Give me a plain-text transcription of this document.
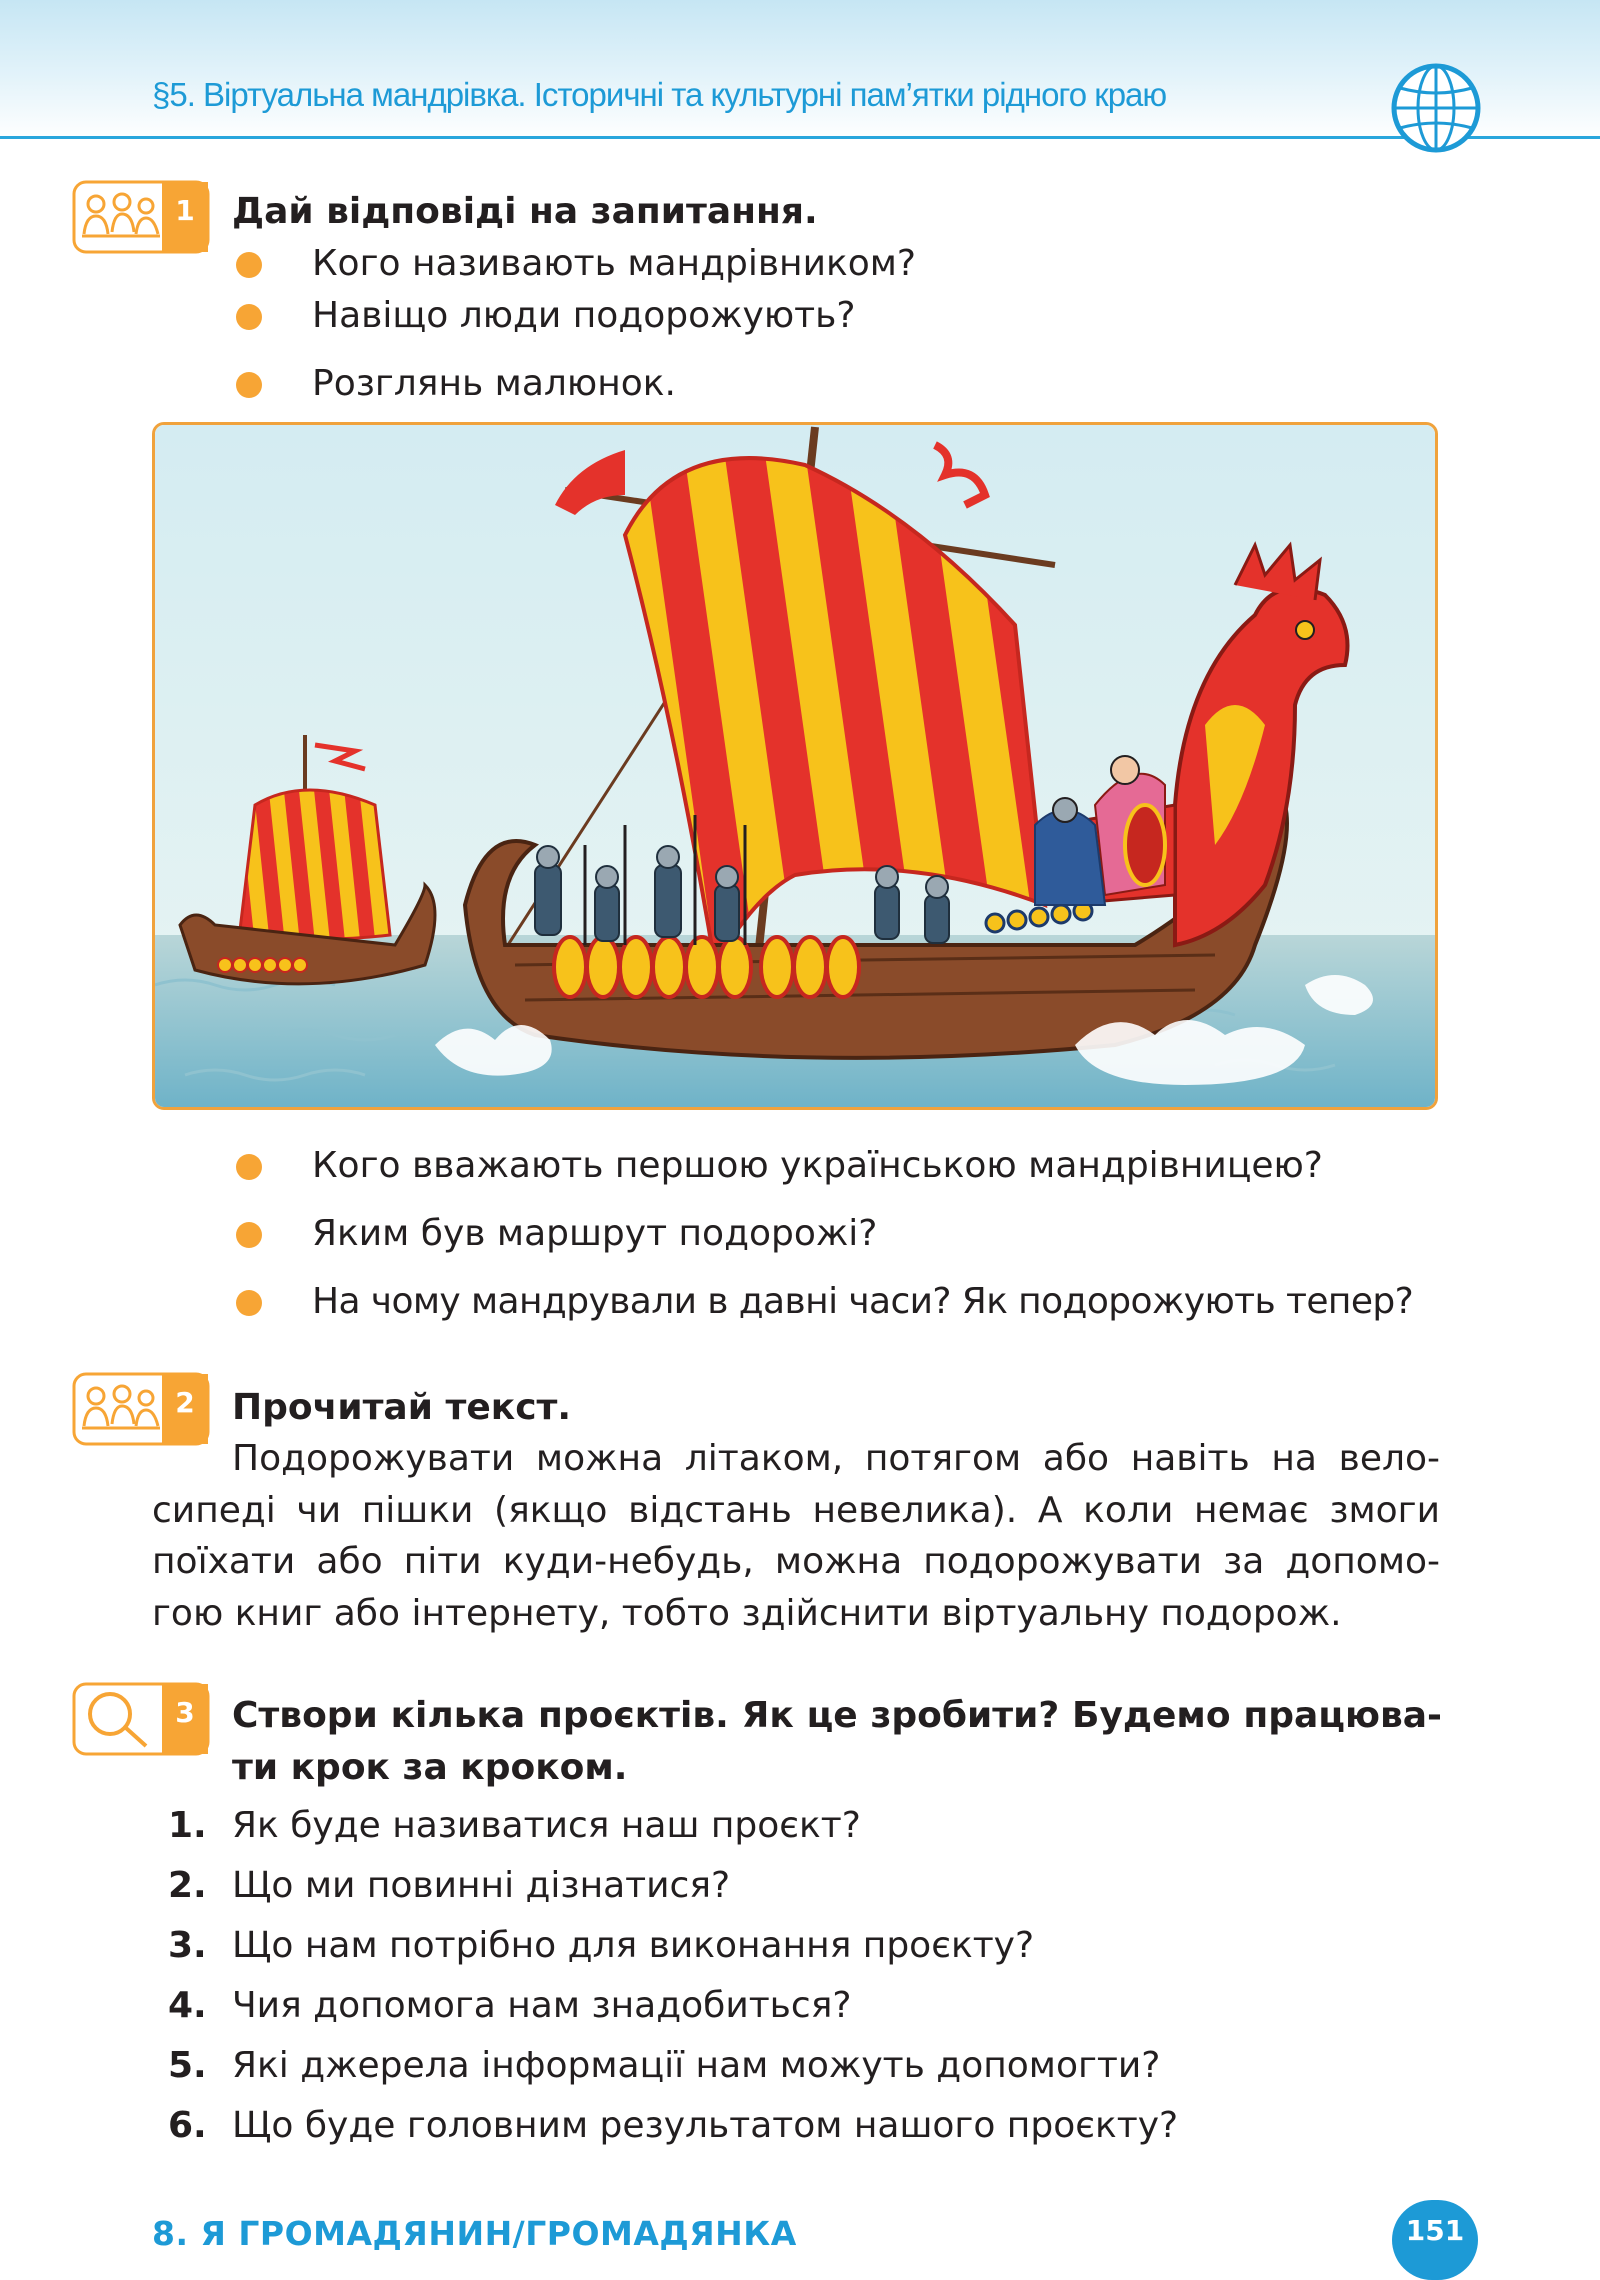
§5. Віртуальна мандрівка. Історичні та культурні пам’ятки рідного краю
1	Дай відповіді на запитання.
Кого називають мандрівником?
Навіщо люди подорожують?
Розглянь малюнок.
Кого вважають першою українською мандрівницею?
Яким був маршрут подорожі?
На чому мандрували в давні часи? Як подорожують тепер?
2	Прочитай текст.
Подорожувати можна літаком, потягом або навіть на вело-
сипеді чи пішки (якщо відстань невелика). А коли немає змоги
поїхати або піти куди-небудь, можна подорожувати за допомо-
гою книг або інтернету, тобто здійснити віртуальну подорож.
3	Створи кілька проєктів. Як це зробити? Будемо працюва-
ти крок за кроком.
1. Як буде називатися наш проєкт?
2. Що ми повинні дізнатися?
3. Що нам потрібно для виконання проєкту?
4. Чия допомога нам знадобиться?
5. Які джерела інформації нам можуть допомогти?
6. Що буде головним результатом нашого проєкту?
8. Я ГРОМАДЯНИН/ГРОМАДЯНКА	151
